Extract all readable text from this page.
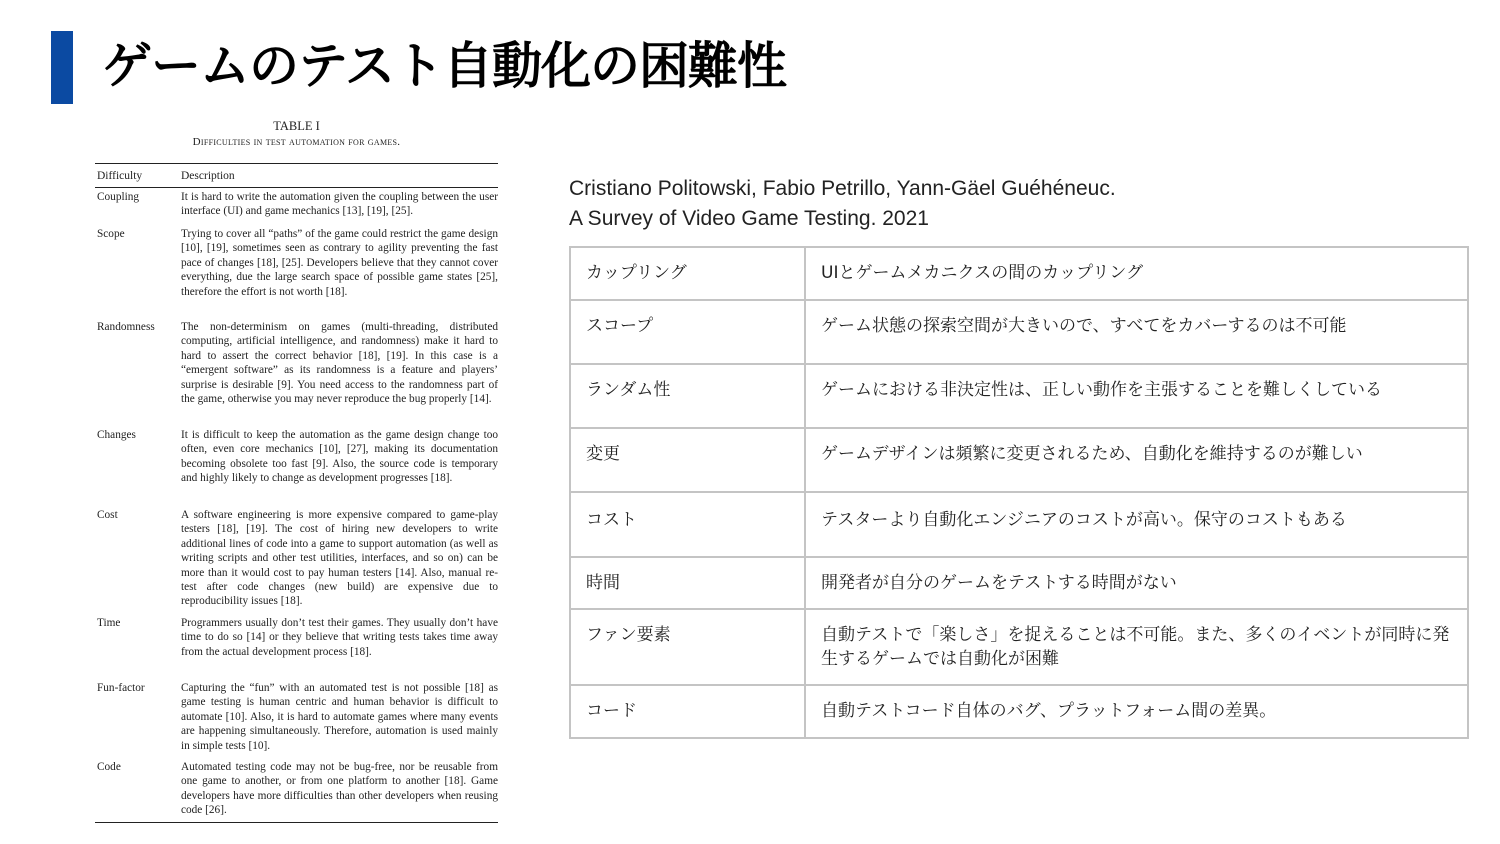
ゲームのテスト自動化の困難性
TABLE I
Difficulties in test automation for games.
Difficulty	Description
Coupling	It is hard to write the automation given the coupling between the user interface (UI) and game mechanics [13], [19], [25].
Scope	Trying to cover all “paths” of the game could restrict the game design [10], [19], sometimes seen as contrary to agility preventing the fast pace of changes [18], [25]. Developers believe that they cannot cover everything, due the large search space of possible game states [25], therefore the effort is not worth [18].
Randomness	The non-determinism on games (multi-threading, distributed computing, artificial intelligence, and randomness) make it hard to hard to assert the correct behavior [18], [19]. In this case is a “emergent software” as its randomness is a feature and players’ surprise is desirable [9]. You need access to the randomness part of the game, otherwise you may never reproduce the bug properly [14].
Changes	It is difficult to keep the automation as the game design change too often, even core mechanics [10], [27], making its documentation becoming obsolete too fast [9]. Also, the source code is temporary and highly likely to change as development progresses [18].
Cost	A software engineering is more expensive compared to game-play testers [18], [19]. The cost of hiring new developers to write additional lines of code into a game to support automation (as well as writing scripts and other test utilities, interfaces, and so on) can be more than it would cost to pay human testers [14]. Also, manual re-test after code changes (new build) are expensive due to reproducibility issues [18].
Time	Programmers usually don’t test their games. They usually don’t have time to do so [14] or they believe that writing tests takes time away from the actual development process [18].
Fun-factor	Capturing the “fun” with an automated test is not possible [18] as game testing is human centric and human behavior is difficult to automate [10]. Also, it is hard to automate games where many events are happening simultaneously. Therefore, automation is used mainly in simple tests [10].
Code	Automated testing code may not be bug-free, nor be reusable from one game to another, or from one platform to another [18]. Game developers have more difficulties than other developers when reusing code [26].
Cristiano Politowski, Fabio Petrillo, Yann-Gäel Guéhéneuc.
A Survey of Video Game Testing. 2021
カップリング	UIとゲームメカニクスの間のカップリング
スコープ	ゲーム状態の探索空間が大きいので、すべてをカバーするのは不可能
ランダム性	ゲームにおける非決定性は、正しい動作を主張することを難しくしている
変更	ゲームデザインは頻繁に変更されるため、自動化を維持するのが難しい
コスト	テスターより自動化エンジニアのコストが高い。保守のコストもある
時間	開発者が自分のゲームをテストする時間がない
ファン要素	自動テストで「楽しさ」を捉えることは不可能。また、多くのイベントが同時に発生するゲームでは自動化が困難
コード	自動テストコード自体のバグ、プラットフォーム間の差異。
